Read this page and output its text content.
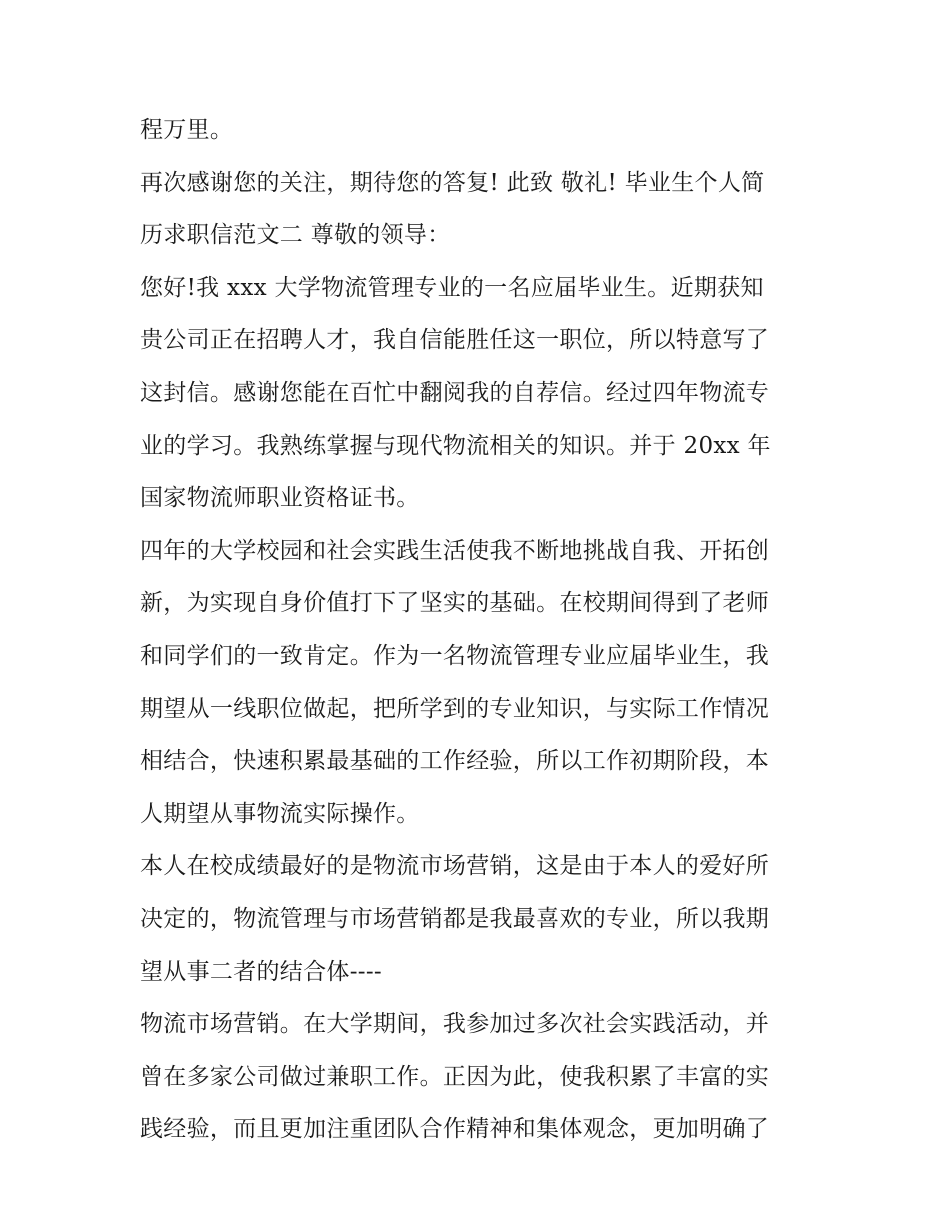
程万里。
再次感谢您的关注，期待您的答复! 此致 敬礼! 毕业生个人简
历求职信范文二 尊敬的领导：
您好!我 xxx 大学物流管理专业的一名应届毕业生。近期获知
贵公司正在招聘人才，我自信能胜任这一职位，所以特意写了
这封信。感谢您能在百忙中翻阅我的自荐信。经过四年物流专
业的学习。我熟练掌握与现代物流相关的知识。并于 20xx 年
国家物流师职业资格证书。
四年的大学校园和社会实践生活使我不断地挑战自我、开拓创
新，为实现自身价值打下了坚实的基础。在校期间得到了老师
和同学们的一致肯定。作为一名物流管理专业应届毕业生，我
期望从一线职位做起，把所学到的专业知识，与实际工作情况
相结合，快速积累最基础的工作经验，所以工作初期阶段，本
人期望从事物流实际操作。
本人在校成绩最好的是物流市场营销，这是由于本人的爱好所
决定的，物流管理与市场营销都是我最喜欢的专业，所以我期
望从事二者的结合体----
物流市场营销。在大学期间，我参加过多次社会实践活动，并
曾在多家公司做过兼职工作。正因为此，使我积累了丰富的实
践经验，而且更加注重团队合作精神和集体观念，更加明确了
